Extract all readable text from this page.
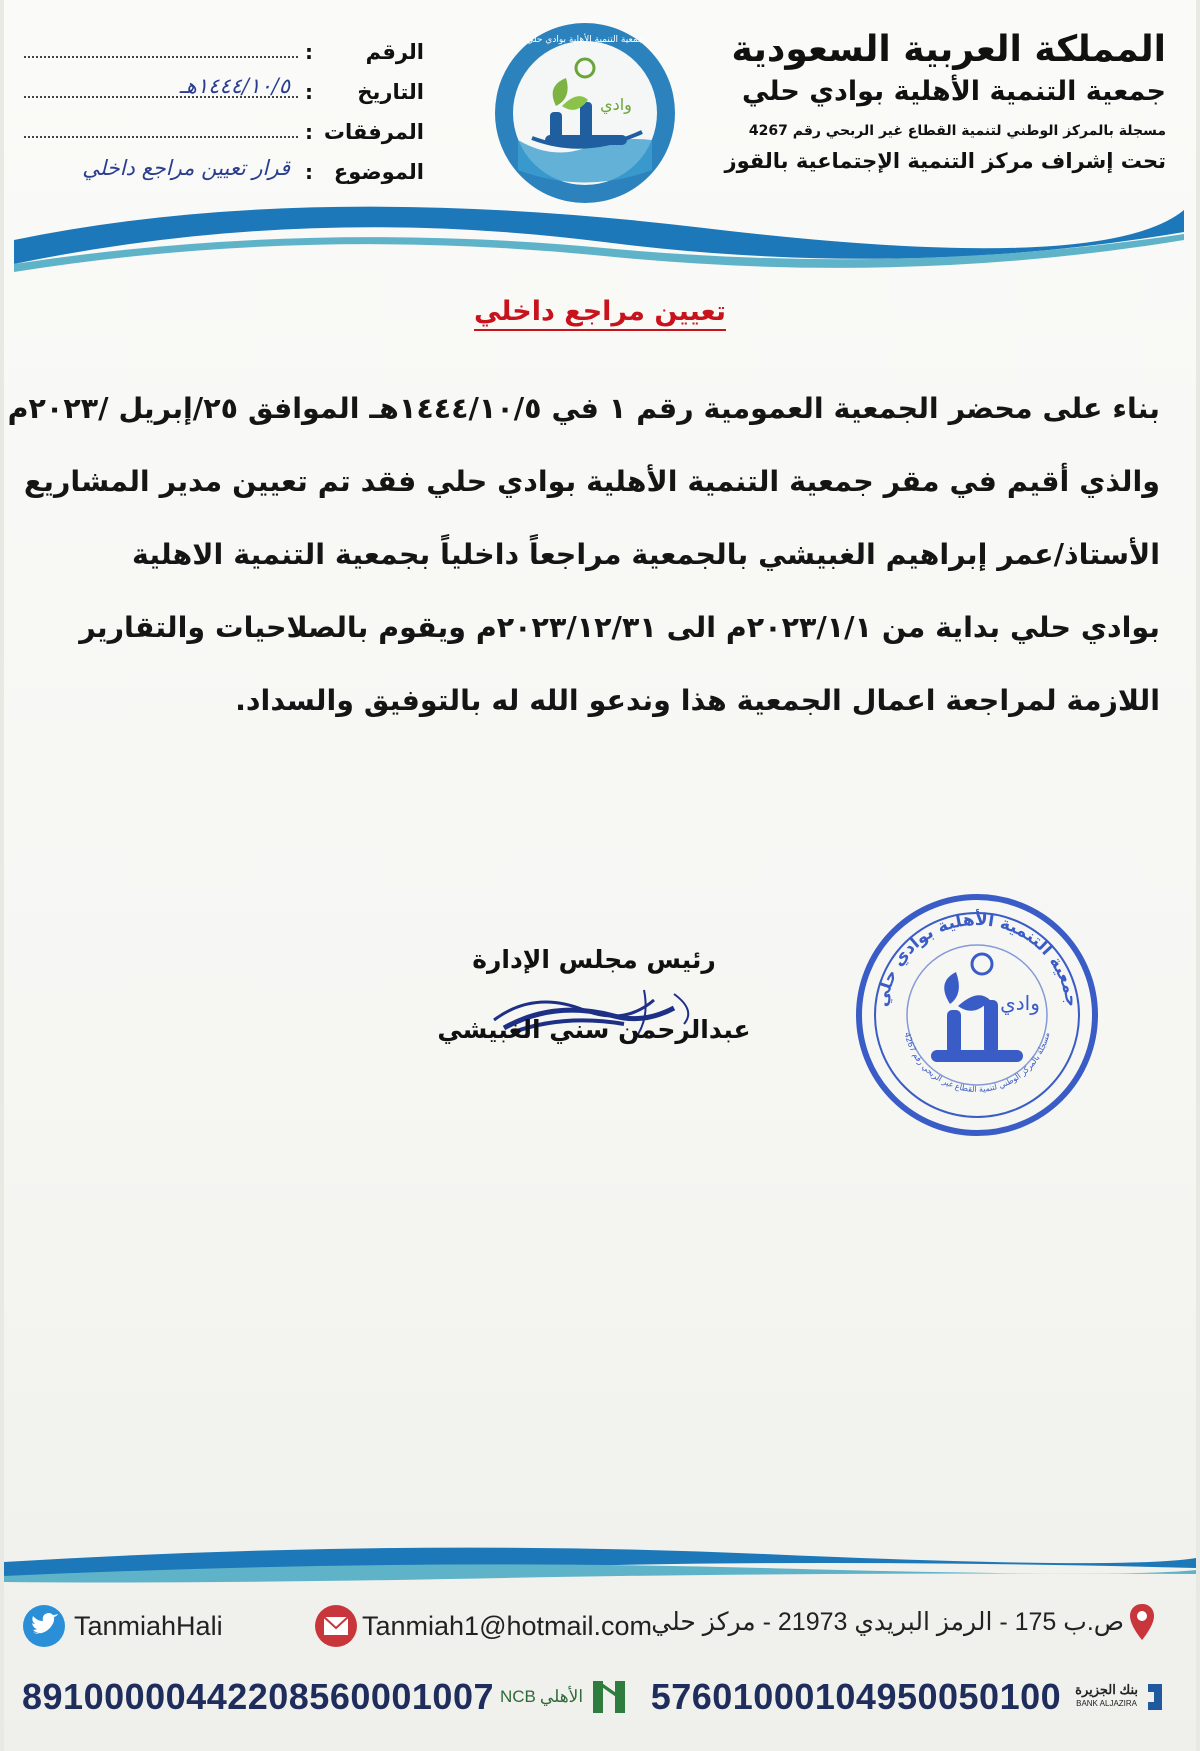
المملكة العربية السعودية
جمعية التنمية الأهلية بوادي حلي
مسجلة بالمركز الوطني لتنمية القطاع غير الربحي رقم 4267
تحت إشراف مركز التنمية الإجتماعية بالقوز
وادي
جمعية التنمية الأهلية بوادي حلي
الرقم
:
التاريخ
:
١٤٤٤/١٠/٥هـ
المرفقات
:
الموضوع
:
قرار تعيين مراجع داخلي
تعيين مراجع داخلي

بناء على محضر الجمعية العمومية رقم ١ في ١٤٤٤/١٠/٥هـ الموافق ٢٥/إبريل /٢٠٢٣م

والذي أقيم في مقر جمعية التنمية الأهلية بوادي حلي فقد تم تعيين مدير المشاريع

الأستاذ/عمر إبراهيم الغبيشي بالجمعية مراجعاً داخلياً بجمعية التنمية الاهلية

بوادي حلي بداية من ٢٠٢٣/١/١م الى ٢٠٢٣/١٢/٣١م ويقوم بالصلاحيات والتقارير

اللازمة لمراجعة اعمال الجمعية هذا وندعو الله له بالتوفيق والسداد.

رئيس مجلس الإدارة
عبدالرحمن سني الغبيشي
جمعية التنمية الأهلية بوادي حلي
مسجلة بالمركز الوطني لتنمية القطاع غير الربحي رقم 4267
وادي
TanmiahHali	Tanmiah1@hotmail.com ص.ب 175 - الرمز البريدي 21973 - مركز حلي
89100000442208560001007 NCB الأهلي 57601000104950050100 بنك الجزيرة
BANK ALJAZIRA
